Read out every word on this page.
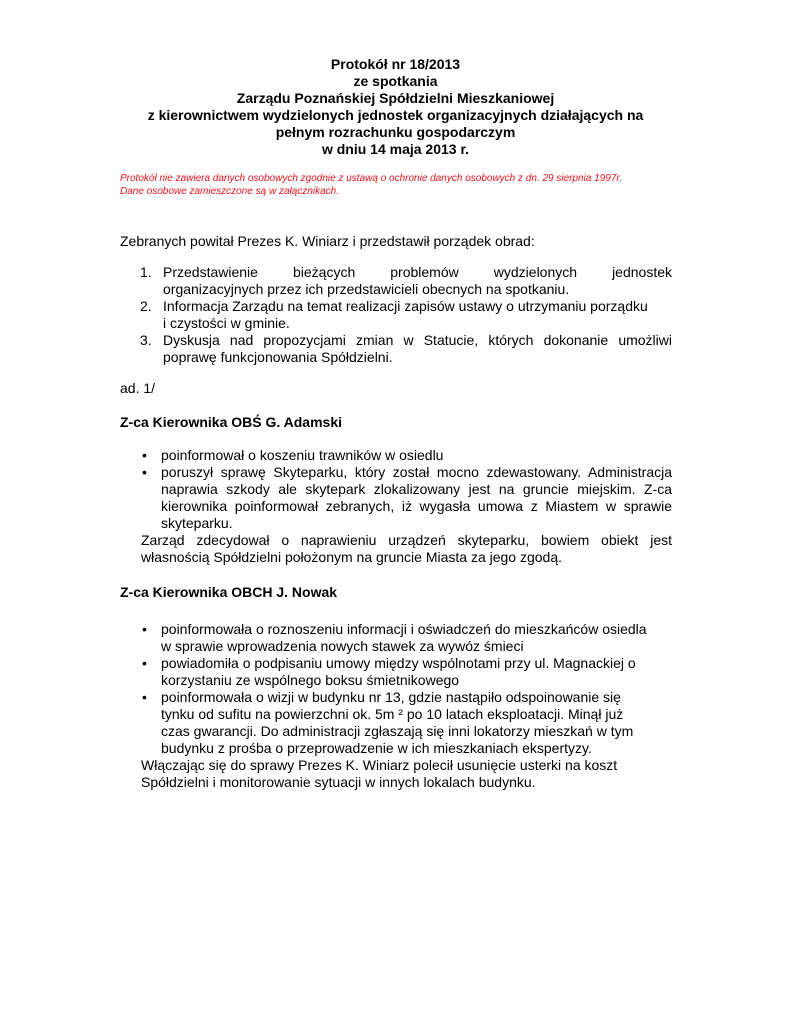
Protokół nr 18/2013
ze spotkania
Zarządu Poznańskiej Spółdzielni Mieszkaniowej
z kierownictwem wydzielonych jednostek organizacyjnych działających na
pełnym rozrachunku gospodarczym
w dniu 14 maja 2013 r.
Protokół nie zawiera danych osobowych zgodnie z ustawą o ochronie danych osobowych z dn. 29 sierpnia 1997r.
Dane osobowe zamieszczone są w załącznikach.
Zebranych powitał Prezes K. Winiarz i przedstawił porządek obrad:
1. Przedstawienie bieżących problemów wydzielonych jednostek
organizacyjnych przez ich przedstawicieli obecnych na spotkaniu.
2. Informacja Zarządu na temat realizacji zapisów ustawy o utrzymaniu porządku
i czystości w gminie.
3. Dyskusja nad propozycjami zmian w Statucie, których dokonanie umożliwi
poprawę funkcjonowania Spółdzielni.
ad. 1/
Z-ca Kierownika OBŚ G. Adamski
• poinformował o koszeniu trawników w osiedlu
• poruszył sprawę Skyteparku, który został mocno zdewastowany. Administracja
naprawia szkody ale skytepark zlokalizowany jest na gruncie miejskim. Z-ca
kierownika poinformował zebranych, iż wygasła umowa z Miastem w sprawie
skyteparku.
Zarząd zdecydował o naprawieniu urządzeń skyteparku, bowiem obiekt jest
własnością Spółdzielni położonym na gruncie Miasta za jego zgodą.
Z-ca Kierownika OBCH J. Nowak
• poinformowała o roznoszeniu informacji i oświadczeń do mieszkańców osiedla
w sprawie wprowadzenia nowych stawek za wywóz śmieci
• powiadomiła o podpisaniu umowy między wspólnotami przy ul. Magnackiej o
korzystaniu ze wspólnego boksu śmietnikowego
• poinformowała o wizji w budynku nr 13, gdzie nastąpiło odspoinowanie się
tynku od sufitu na powierzchni ok. 5m ² po 10 latach eksploatacji. Minął już
czas gwarancji. Do administracji zgłaszają się inni lokatorzy mieszkań w tym
budynku z prośba o przeprowadzenie w ich mieszkaniach ekspertyzy.
Włączając się do sprawy Prezes K. Winiarz polecił usunięcie usterki na koszt
Spółdzielni i monitorowanie sytuacji w innych lokalach budynku.
